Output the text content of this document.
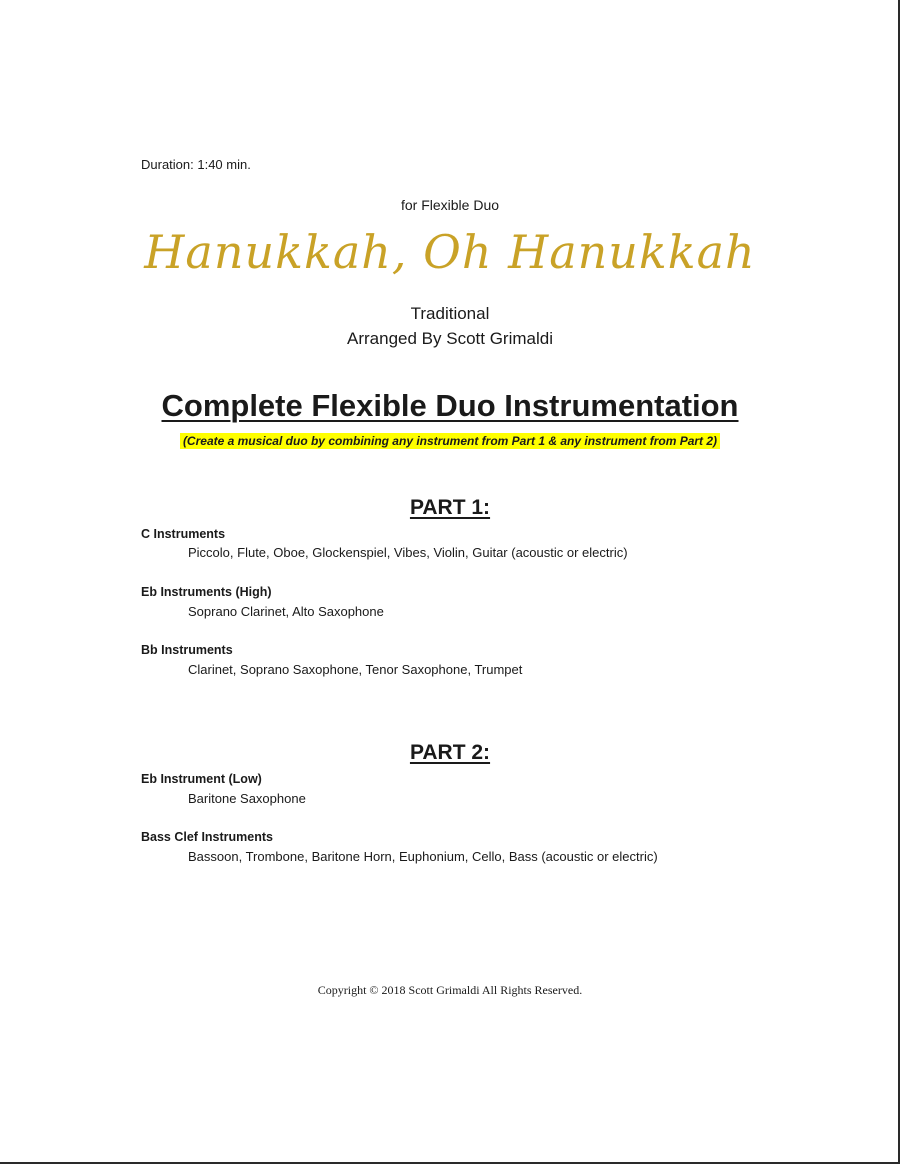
Duration: 1:40 min.
for Flexible Duo
Hanukkah, Oh Hanukkah
Traditional
Arranged By Scott Grimaldi
Complete Flexible Duo Instrumentation
(Create a musical duo by combining any instrument from Part 1 & any instrument from Part 2)
PART 1:
C Instruments
Piccolo, Flute, Oboe, Glockenspiel, Vibes, Violin, Guitar (acoustic or electric)
Eb Instruments (High)
Soprano Clarinet, Alto Saxophone
Bb Instruments
Clarinet, Soprano Saxophone, Tenor Saxophone, Trumpet
PART 2:
Eb Instrument (Low)
Baritone Saxophone
Bass Clef Instruments
Bassoon, Trombone, Baritone Horn, Euphonium, Cello, Bass (acoustic or electric)
Copyright © 2018 Scott Grimaldi All Rights Reserved.
